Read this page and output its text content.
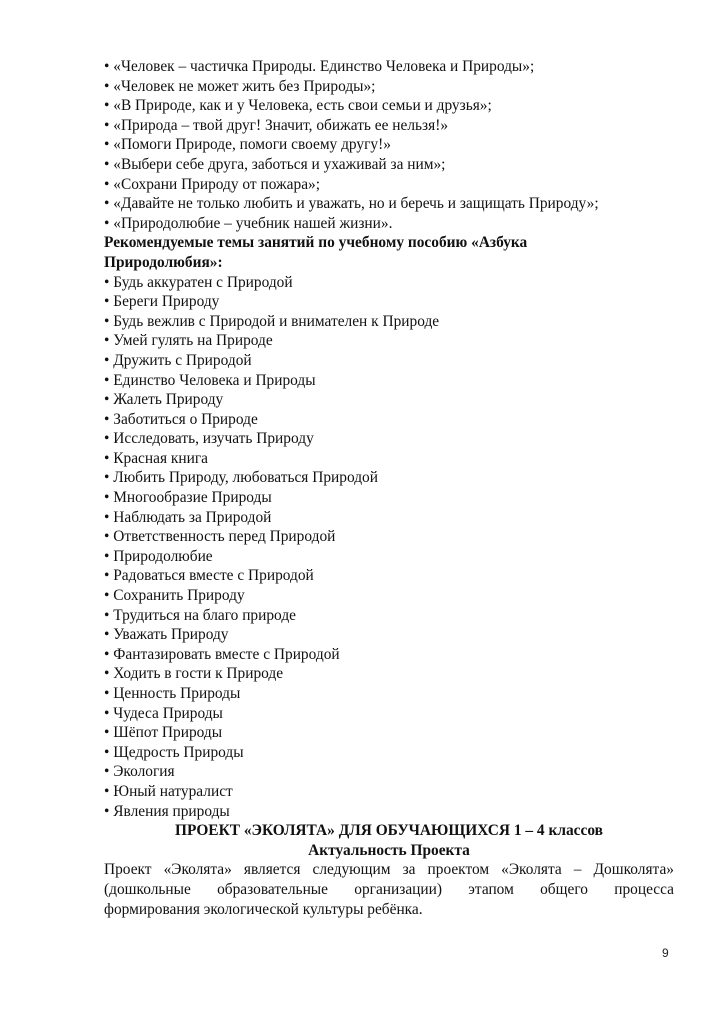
• «Человек – частичка Природы. Единство Человека и Природы»;
• «Человек не может жить без Природы»;
• «В Природе, как и у Человека, есть свои семьи и друзья»;
• «Природа – твой друг! Значит, обижать ее нельзя!»
• «Помоги Природе, помоги своему другу!»
• «Выбери себе друга, заботься и ухаживай за ним»;
• «Сохрани Природу от пожара»;
• «Давайте не только любить и уважать, но и беречь и защищать Природу»;
• «Природолюбие – учебник нашей жизни».
Рекомендуемые темы занятий по учебному пособию «Азбука
Природолюбия»:
• Будь аккуратен с Природой
• Береги Природу
• Будь вежлив с Природой и внимателен к Природе
• Умей гулять на Природе
• Дружить с Природой
• Единство Человека и Природы
• Жалеть Природу
• Заботиться о Природе
• Исследовать, изучать Природу
• Красная книга
• Любить Природу, любоваться Природой
• Многообразие Природы
• Наблюдать за Природой
• Ответственность перед Природой
• Природолюбие
• Радоваться вместе с Природой
• Сохранить Природу
• Трудиться на благо природе
• Уважать Природу
• Фантазировать вместе с Природой
• Ходить в гости к Природе
• Ценность Природы
• Чудеса Природы
• Шёпот Природы
• Щедрость Природы
• Экология
• Юный натуралист
• Явления природы
ПРОЕКТ «ЭКОЛЯТА» ДЛЯ ОБУЧАЮЩИХСЯ 1 – 4 классов
Актуальность Проекта
Проект «Эколята» является следующим за проектом «Эколята – Дошколята»
(дошкольные образовательные организации) этапом общего процесса
формирования экологической культуры ребёнка.
9
